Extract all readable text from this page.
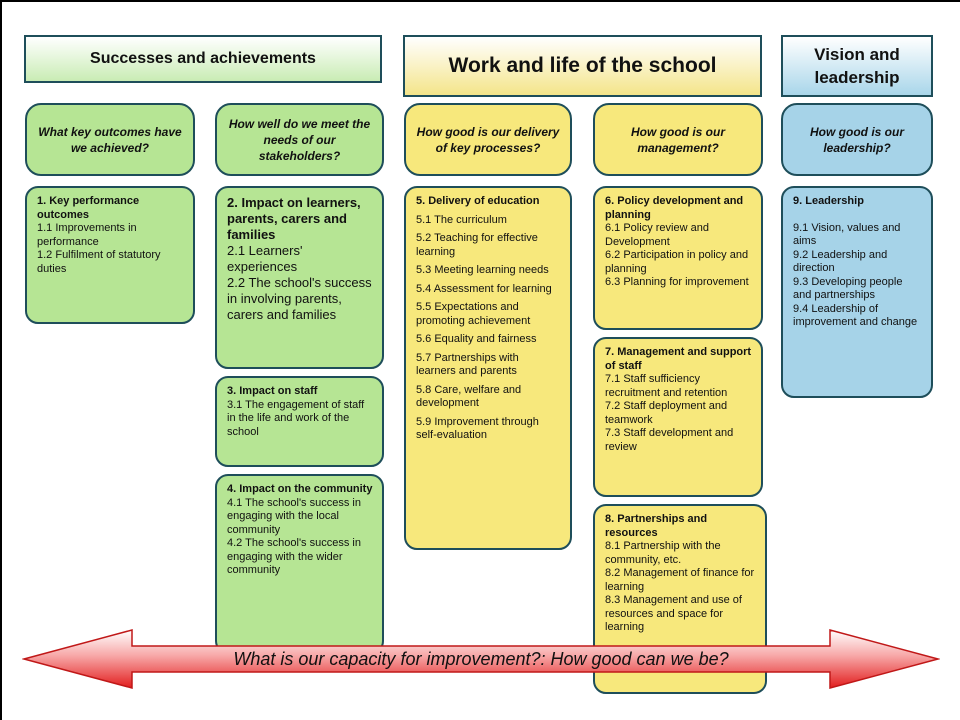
Successes and achievements	Work and life of the school	Vision and leadership
What key outcomes have we achieved?
How well do we meet the needs of our stakeholders?
How good is our delivery of key processes?
How good is our management?
How good is our leadership?
1. Key performance outcomes
1.1 Improvements in performance
1.2 Fulfilment of statutory duties
2. Impact on learners, parents, carers and families
2.1 Learners' experiences
2.2 The school's success in involving parents, carers and families
3. Impact on staff
3.1 The engagement of staff in the life and work of the school
4. Impact on the community
4.1 The school's success in engaging with the local community
4.2 The school's success in engaging with the wider community
5. Delivery of education
5.1 The curriculum
5.2 Teaching for effective learning
5.3 Meeting learning needs
5.4 Assessment for learning
5.5 Expectations and promoting achievement
5.6 Equality and fairness
5.7 Partnerships with learners and parents
5.8 Care, welfare and development
5.9 Improvement through self-evaluation
6. Policy development and planning
6.1 Policy review and Development
6.2 Participation in policy and planning
6.3 Planning for improvement
7. Management and support of staff
7.1 Staff sufficiency recruitment and retention
7.2 Staff deployment and teamwork
7.3 Staff development and review
8. Partnerships and resources
8.1 Partnership with the community, etc.
8.2 Management of finance for learning
8.3 Management and use of resources and space for learning
9. Leadership
9.1 Vision, values and aims
9.2 Leadership and direction
9.3 Developing people and partnerships
9.4 Leadership of improvement and change
What is our capacity for improvement?: How good can we be?
